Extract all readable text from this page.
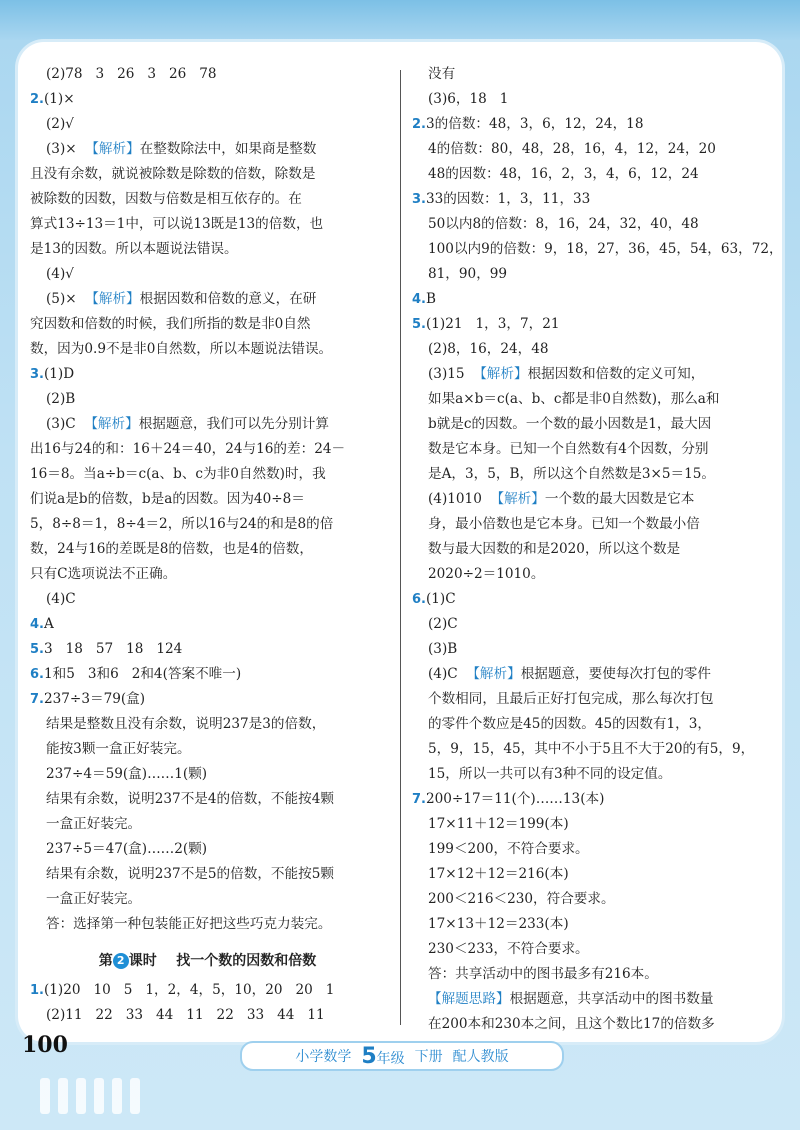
(2)78   3   26   3   26   78
2.(1)×
(2)√
(3)×  【解析】在整数除法中，如果商是整数
且没有余数，就说被除数是除数的倍数，除数是
被除数的因数，因数与倍数是相互依存的。在
算式13÷13＝1中，可以说13既是13的倍数，也
是13的因数。所以本题说法错误。
(4)√
(5)×  【解析】根据因数和倍数的意义，在研
究因数和倍数的时候，我们所指的数是非0自然
数，因为0.9不是非0自然数，所以本题说法错误。
3.(1)D
(2)B
(3)C  【解析】根据题意，我们可以先分别计算
出16与24的和：16＋24＝40，24与16的差：24－
16＝8。当a÷b＝c(a、b、c为非0自然数)时，我
们说a是b的倍数，b是a的因数。因为40÷8＝
5，8÷8＝1，8÷4＝2，所以16与24的和是8的倍
数，24与16的差既是8的倍数，也是4的倍数，
只有C选项说法不正确。
(4)C
4.A
5.3   18   57   18   124
6.1和5   3和6   2和4(答案不唯一)
7.237÷3＝79(盒)
结果是整数且没有余数，说明237是3的倍数，
能按3颗一盒正好装完。
237÷4＝59(盒)……1(颗)
结果有余数，说明237不是4的倍数，不能按4颗
一盒正好装完。
237÷5＝47(盒)……2(颗)
结果有余数，说明237不是5的倍数，不能按5颗
一盒正好装完。
答：选择第一种包装能正好把这些巧克力装完。
第 2 课时    找一个数的因数和倍数
1.(1)20   10   5   1，2，4，5，10，20   20   1
(2)11   22   33   44   11   22   33   44   11
没有
(3)6，18   1
2.3的倍数：48，3，6，12，24，18
4的倍数：80，48，28，16，4，12，24，20
48的因数：48，16，2，3，4，6，12，24
3.33的因数：1，3，11，33
50以内8的倍数：8，16，24，32，40，48
100以内9的倍数：9，18，27，36，45，54，63，72，
81，90，99
4.B
5.(1)21   1，3，7，21
(2)8，16，24，48
(3)15  【解析】根据因数和倍数的定义可知，
如果a×b＝c(a、b、c都是非0自然数)，那么a和
b就是c的因数。一个数的最小因数是1，最大因
数是它本身。已知一个自然数有4个因数，分别
是A，3，5，B，所以这个自然数是3×5＝15。
(4)1010  【解析】一个数的最大因数是它本
身，最小倍数也是它本身。已知一个数最小倍
数与最大因数的和是2020，所以这个数是
2020÷2＝1010。
6.(1)C
(2)C
(3)B
(4)C  【解析】根据题意，要使每次打包的零件
个数相同，且最后正好打包完成，那么每次打包
的零件个数应是45的因数。45的因数有1，3，
5，9，15，45，其中不小于5且不大于20的有5，9，
15，所以一共可以有3种不同的设定值。
7.200÷17＝11(个)……13(本)
17×11＋12＝199(本)
199＜200，不符合要求。
17×12＋12＝216(本)
200＜216＜230，符合要求。
17×13＋12＝233(本)
230＜233，不符合要求。
答：共享活动中的图书最多有216本。
【解题思路】根据题意，共享活动中的图书数量
在200本和230本之间，且这个数比17的倍数多
100	小学数学 5年级 下册 配人教版
